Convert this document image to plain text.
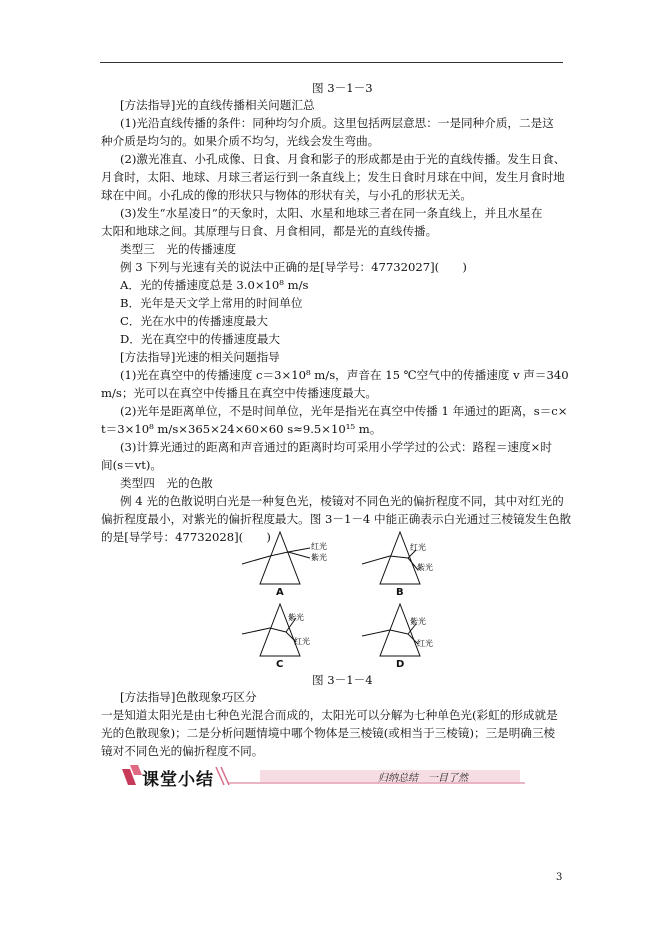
图 3－1－3
[方法指导]光的直线传播相关问题汇总
(1)光沿直线传播的条件：同种均匀介质。这里包括两层意思：一是同种介质，二是这
种介质是均匀的。如果介质不均匀，光线会发生弯曲。
(2)激光准直、小孔成像、日食、月食和影子的形成都是由于光的直线传播。发生日食、
月食时，太阳、地球、月球三者运行到一条直线上；发生日食时月球在中间，发生月食时地
球在中间。小孔成的像的形状只与物体的形状有关，与小孔的形状无关。
(3)发生“水星凌日”的天象时，太阳、水星和地球三者在同一条直线上，并且水星在
太阳和地球之间。其原理与日食、月食相同，都是光的直线传播。
类型三　光的传播速度
例 3 下列与光速有关的说法中正确的是[导学号：47732027](　　)
A．光的传播速度总是 3.0×10⁸ m/s
B．光年是天文学上常用的时间单位
C．光在水中的传播速度最大
D．光在真空中的传播速度最大
[方法指导]光速的相关问题指导
(1)光在真空中的传播速度 c＝3×10⁸ m/s，声音在 15 ℃空气中的传播速度 v 声＝340
m/s；光可以在真空中传播且在真空中传播速度最大。
(2)光年是距离单位，不是时间单位，光年是指光在真空中传播 1 年通过的距离，s＝c×
t＝3×10⁸ m/s×365×24×60×60 s≈9.5×10¹⁵ m。
(3)计算光通过的距离和声音通过的距离时均可采用小学学过的公式：路程＝速度×时
间(s＝vt)。
类型四　光的色散
例 4 光的色散说明白光是一种复色光，棱镜对不同色光的偏折程度不同，其中对红光的
偏折程度最小，对紫光的偏折程度最大。图 3－1－4 中能正确表示白光通过三棱镜发生色散
的是[导学号：47732028](　　)
红光
紫光
红光
紫光
紫光
红光
紫光
红光
A	B
C	D
图 3－1－4
[方法指导]色散现象巧区分
一是知道太阳光是由七种色光混合而成的，太阳光可以分解为七种单色光(彩虹的形成就是
光的色散现象)；二是分析问题情境中哪个物体是三棱镜(或相当于三棱镜)；三是明确三棱
镜对不同色光的偏折程度不同。
课堂小结	归纳总结　一目了然
3
